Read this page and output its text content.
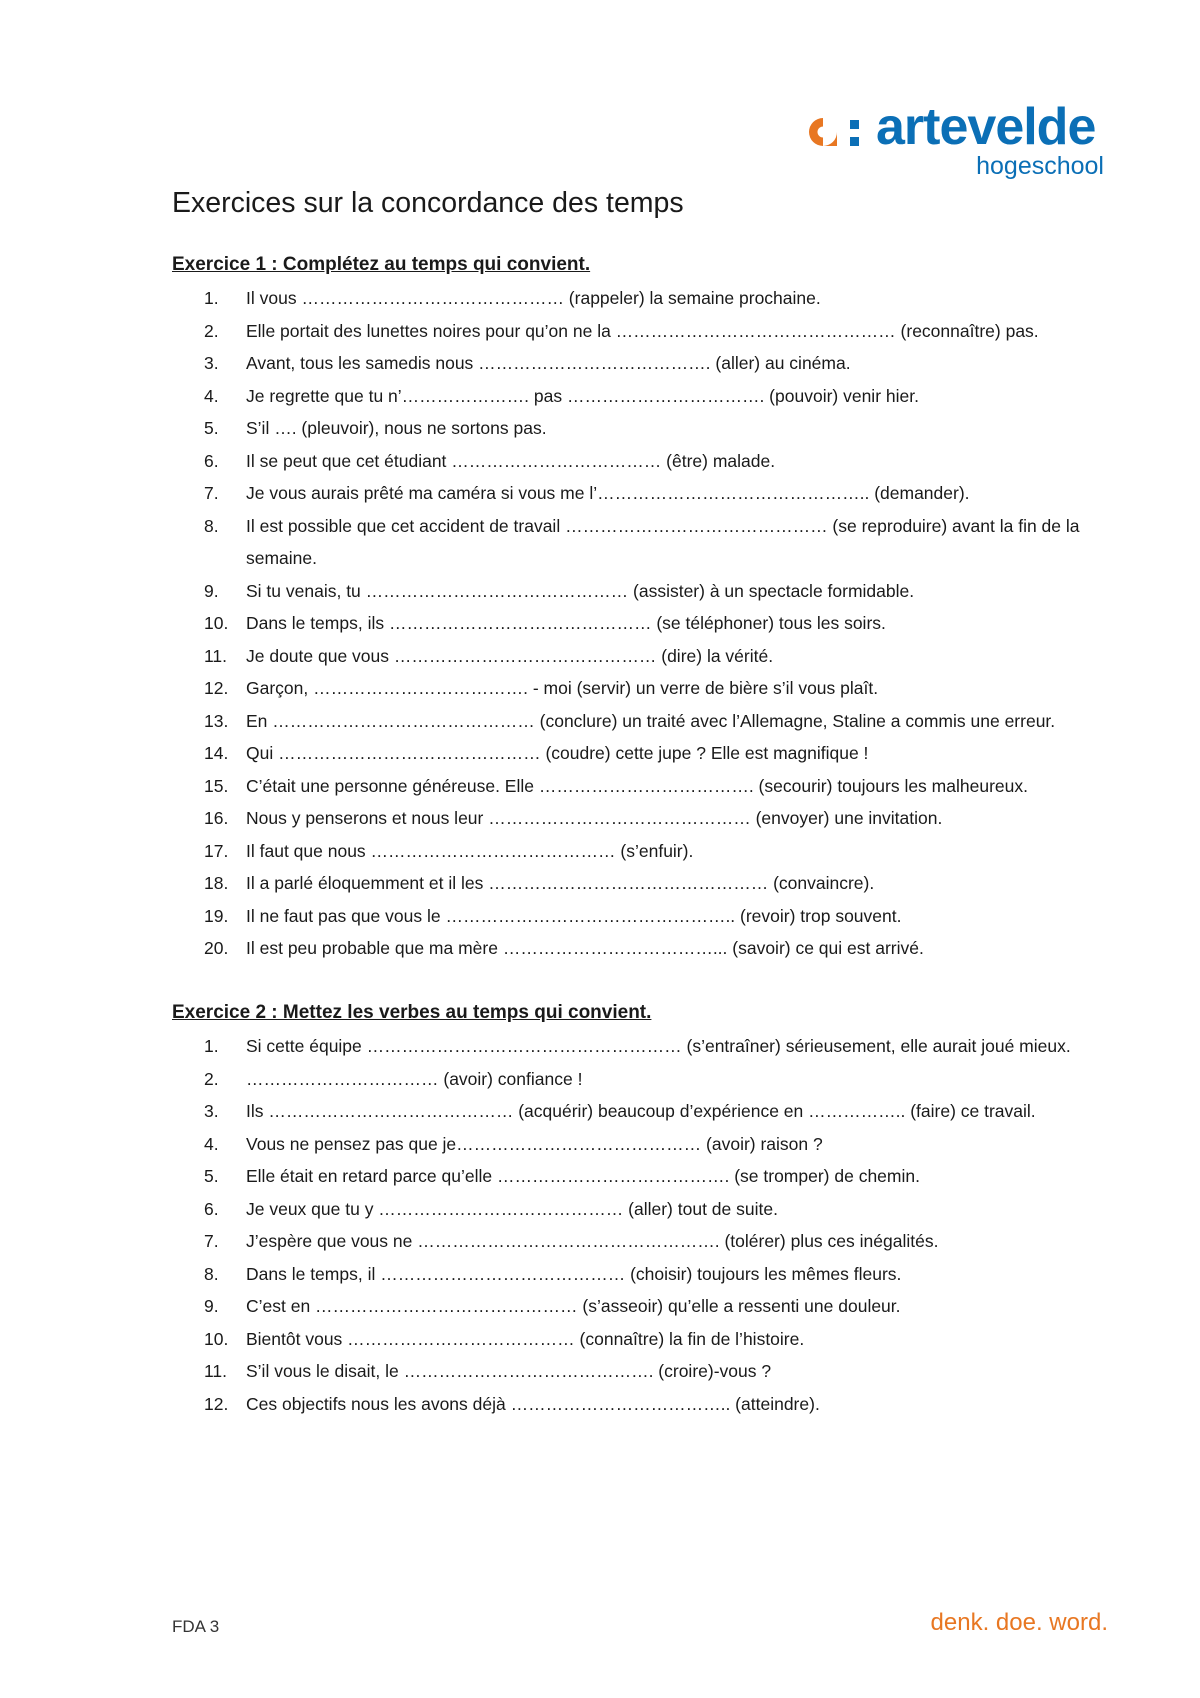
artevelde
hogeschool
Exercices sur la concordance des temps
Exercice 1 : Complétez au temps qui convient.
1.	Il vous ……………………………………… (rappeler) la semaine prochaine.
2.	Elle portait des lunettes noires pour qu’on ne la ………………………………………… (reconnaître) pas.
3.	Avant, tous les samedis nous …………………………………. (aller) au cinéma.
4.	Je regrette que tu n’…………………. pas ……………………………. (pouvoir) venir hier.
5.	S’il …. (pleuvoir), nous ne sortons pas.
6.	Il se peut que cet étudiant ……………………………… (être) malade.
7.	Je vous aurais prêté ma caméra si vous me l’……………………………………….. (demander).
8.	Il est possible que cet accident de travail ……………………………………… (se reproduire) avant la fin de la semaine.
9.	Si tu venais, tu ……………………………………… (assister) à un spectacle formidable.
10.	Dans le temps, ils ……………………………………… (se téléphoner) tous les soirs.
11.	Je doute que vous ……………………………………… (dire) la vérité.
12.	Garçon, ………………………………. - moi (servir) un verre de bière s’il vous plaît.
13.	En ……………………………………… (conclure) un traité avec l’Allemagne, Staline a commis une erreur.
14.	Qui ……………………………………… (coudre) cette jupe ? Elle est magnifique !
15.	C’était une personne généreuse. Elle ………………………………. (secourir) toujours les malheureux.
16.	Nous y penserons et nous leur ……………………………………… (envoyer) une invitation.
17.	Il faut que nous …………………………………… (s’enfuir).
18.	Il a parlé éloquemment et il les ………………………………………… (convaincre).
19.	Il ne faut pas que vous le ………………………………………….. (revoir) trop souvent.
20.	Il est peu probable que ma mère ………………………………... (savoir) ce qui est arrivé.
Exercice 2 : Mettez les verbes au temps qui convient.
1.	Si cette équipe ……………………………………………… (s’entraîner) sérieusement, elle aurait joué mieux.
2.	…………………………… (avoir) confiance !
3.	Ils …………………………………… (acquérir) beaucoup d’expérience en …………….. (faire) ce travail.
4.	Vous ne pensez pas que je…………………………………… (avoir) raison ?
5.	Elle était en retard parce qu’elle …………………………………. (se tromper) de chemin.
6.	Je veux que tu y …………………………………… (aller) tout de suite.
7.	J’espère que vous ne ……………………………………………. (tolérer) plus ces inégalités.
8.	Dans le temps, il …………………………………… (choisir) toujours les mêmes fleurs.
9.	C’est en ……………………………………… (s’asseoir) qu’elle a ressenti une douleur.
10.	Bientôt vous ………………………………… (connaître) la fin de l’histoire.
11.	S’il vous le disait, le ……………………………………. (croire)-vous ?
12.	Ces objectifs nous les avons déjà ……………………………….. (atteindre).
FDA 3	denk. doe. word.
